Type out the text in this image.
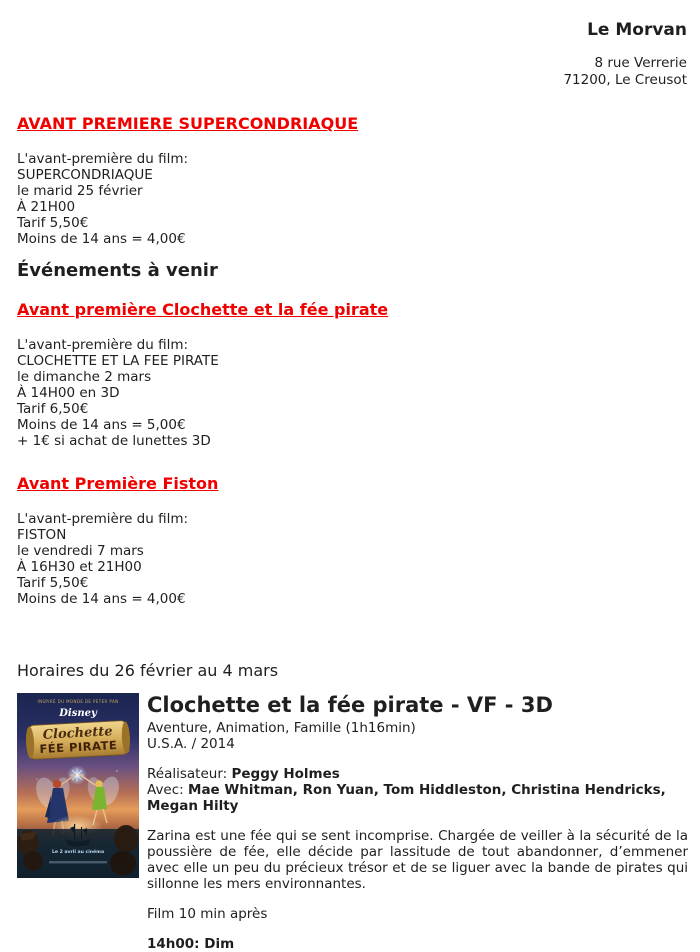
Le Morvan
8 rue Verrerie
71200, Le Creusot
AVANT PREMIERE SUPERCONDRIAQUE
L'avant-première du film:
SUPERCONDRIAQUE
le marid 25 février
À 21H00
Tarif 5,50€
Moins de 14 ans = 4,00€
Événements à venir
Avant première Clochette et la fée pirate
L'avant-première du film:
CLOCHETTE ET LA FEE PIRATE
le dimanche 2 mars
À 14H00 en 3D
Tarif 6,50€
Moins de 14 ans = 5,00€
+ 1€ si achat de lunettes 3D
Avant Première Fiston
L'avant-première du film:
FISTON
le vendredi 7 mars
À 16H30 et 21H00
Tarif 5,50€
Moins de 14 ans = 4,00€
Horaires du 26 février au 4 mars
INSPIRÉ DU MONDE DE PETER PAN
Disney
Clochette
FÉE PIRATE
Le 2 avril au cinéma
Clochette et la fée pirate - VF - 3D
Aventure, Animation, Famille (1h16min)
U.S.A. / 2014
Réalisateur: Peggy Holmes
Avec: Mae Whitman, Ron Yuan, Tom Hiddleston, Christina Hendricks, Megan Hilty
Zarina est une fée qui se sent incomprise. Chargée de veiller à la sécurité de la poussière de fée, elle décide par lassitude de tout abandonner, d’emmener avec elle un peu du précieux trésor et de se liguer avec la bande de pirates qui sillonne les mers environnantes.
Film 10 min après
14h00: Dim
